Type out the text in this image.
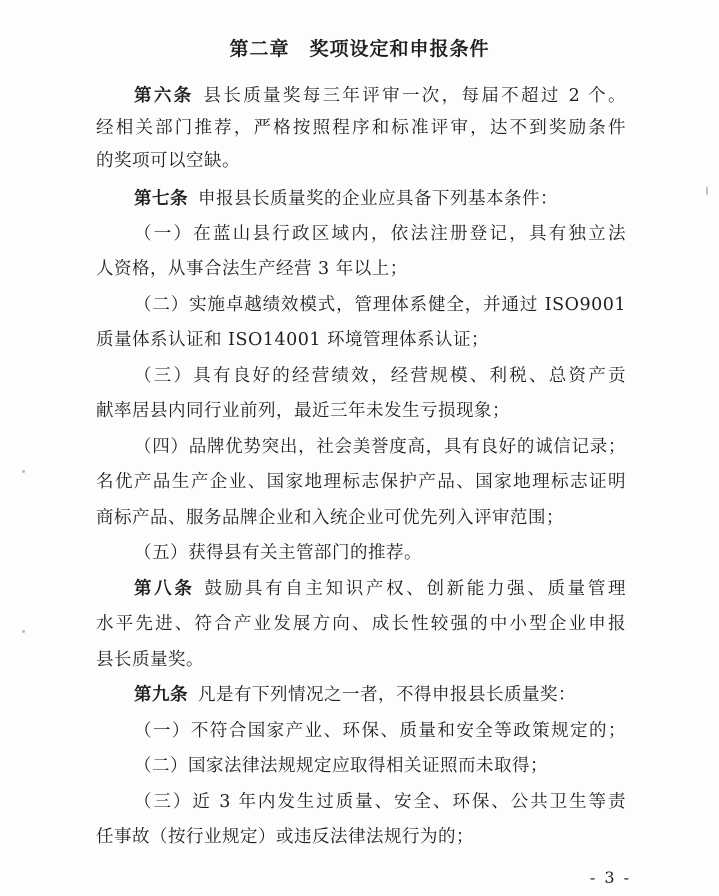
第二章　奖项设定和申报条件
第六条 县长质量奖每三年评审一次，每届不超过 2 个。
经相关部门推荐，严格按照程序和标准评审，达不到奖励条件
的奖项可以空缺。
第七条 申报县长质量奖的企业应具备下列基本条件：
（一）在蓝山县行政区域内，依法注册登记，具有独立法
人资格，从事合法生产经营 3 年以上；
（二）实施卓越绩效模式，管理体系健全，并通过 ISO9001
质量体系认证和 ISO14001 环境管理体系认证；
（三）具有良好的经营绩效，经营规模、利税、总资产贡
献率居县内同行业前列，最近三年未发生亏损现象；
（四）品牌优势突出，社会美誉度高，具有良好的诚信记录；
名优产品生产企业、国家地理标志保护产品、国家地理标志证明
商标产品、服务品牌企业和入统企业可优先列入评审范围；
（五）获得县有关主管部门的推荐。
第八条 鼓励具有自主知识产权、创新能力强、质量管理
水平先进、符合产业发展方向、成长性较强的中小型企业申报
县长质量奖。
第九条 凡是有下列情况之一者，不得申报县长质量奖：
（一）不符合国家产业、环保、质量和安全等政策规定的；
（二）国家法律法规规定应取得相关证照而未取得；
（三）近 3 年内发生过质量、安全、环保、公共卫生等责
任事故（按行业规定）或违反法律法规行为的；
- 3 -
